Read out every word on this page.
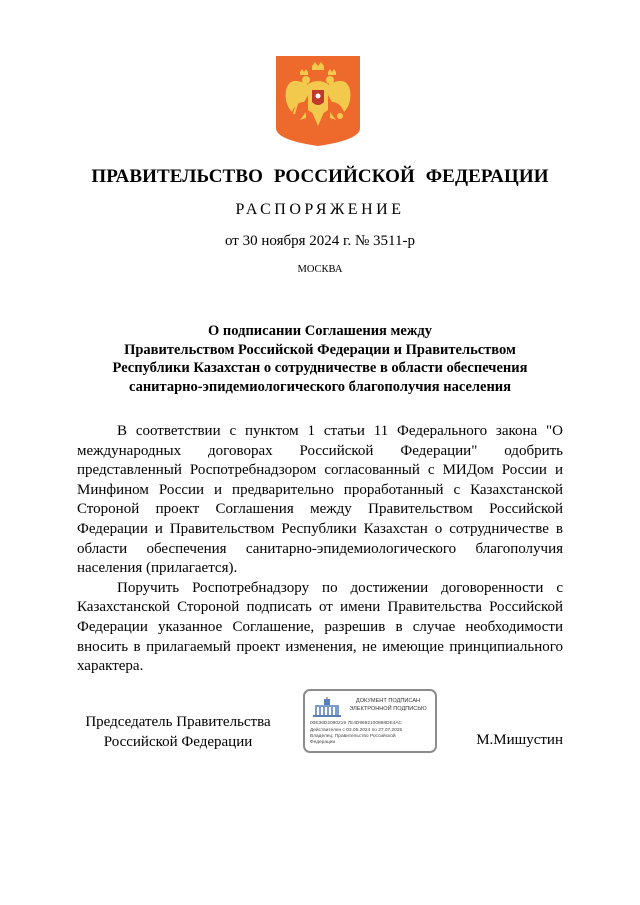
ПРАВИТЕЛЬСТВО РОССИЙСКОЙ ФЕДЕРАЦИИ
РАСПОРЯЖЕНИЕ
от 30 ноября 2024 г. № 3511-р
МОСКВА
О подписании Соглашения между
Правительством Российской Федерации и Правительством
Республики Казахстан о сотрудничестве в области обеспечения
санитарно-эпидемиологического благополучия населения

В соответствии с пунктом 1 статьи 11 Федерального закона "О международных договорах Российской Федерации" одобрить представленный Роспотребнадзором согласованный с МИДом России и Минфином России и предварительно проработанный с Казахстанской Стороной проект Соглашения между Правительством Российской Федерации и Правительством Республики Казахстан о сотрудничестве в области обеспечения санитарно-эпидемиологического благополучия населения (прилагается).

Поручить Роспотребнадзору по достижении договоренности с Казахстанской Стороной подписать от имени Правительства Российской Федерации указанное Соглашение, разрешив в случае необходимости вносить в прилагаемый проект изменения, не имеющие принципиального характера.

Председатель Правительства
Российской Федерации
ДОКУМЕНТ ПОДПИСАН
ЭЛЕКТРОННОЙ ПОДПИСЬЮ
00E36D2080219 7E4D9692100888DE4AC
Действителен с 03.05.2024 по 27.07.2025
Владелец: Правительство Российской
Федерации	М.Мишустин
